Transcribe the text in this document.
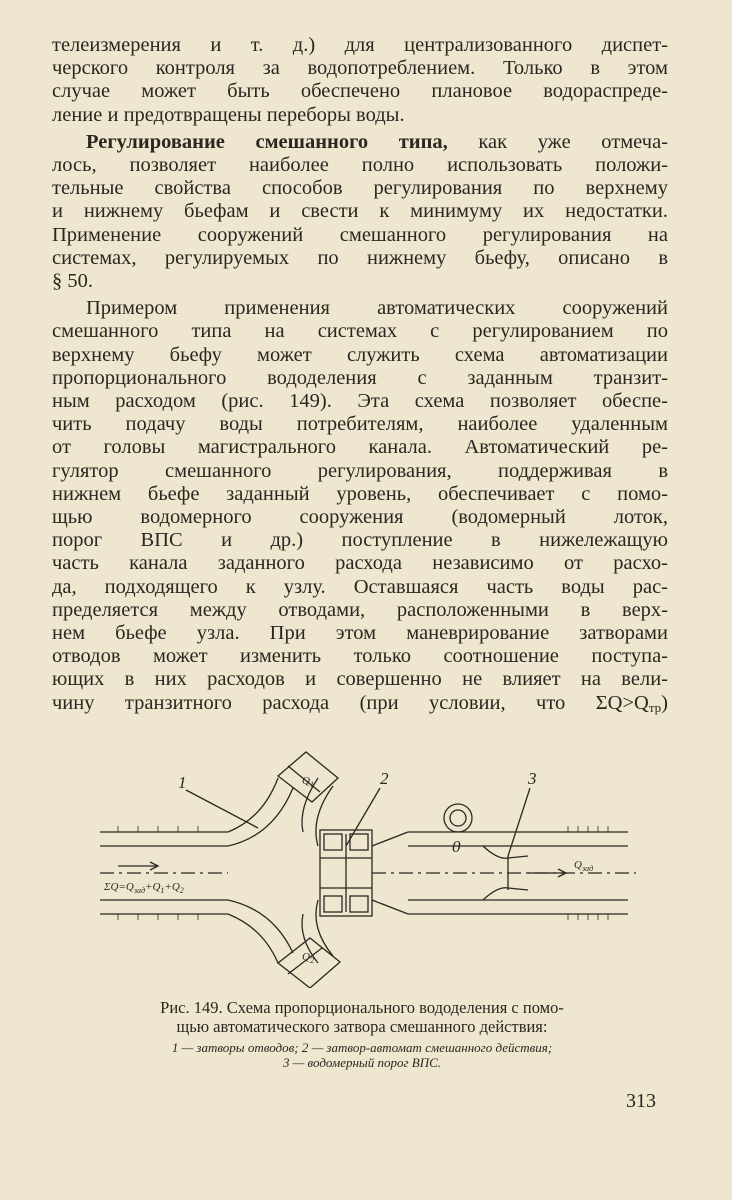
телеизмерения и т. д.) для централизованного диспет-
черского контроля за водопотреблением. Только в этом
случае может быть обеспечено плановое водораспреде-
ление и предотвращены переборы воды.
Регулирование смешанного типа, как уже отмеча-
лось, позволяет наиболее полно использовать положи-
тельные свойства способов регулирования по верхнему
и нижнему бьефам и свести к минимуму их недостатки.
Применение сооружений смешанного регулирования на
системах, регулируемых по нижнему бьефу, описано в
§ 50.
Примером применения автоматических сооружений
смешанного типа на системах с регулированием по
верхнему бьефу может служить схема автоматизации
пропорционального вододеления с заданным транзит-
ным расходом (рис. 149). Эта схема позволяет обеспе-
чить подачу воды потребителям, наиболее удаленным
от головы магистрального канала. Автоматический ре-
гулятор смешанного регулирования, поддерживая в
нижнем бьефе заданный уровень, обеспечивает с помо-
щью водомерного сооружения (водомерный лоток,
порог ВПС и др.) поступление в нижележащую
часть канала заданного расхода независимо от расхо-
да, подходящего к узлу. Оставшаяся часть воды рас-
пределяется между отводами, расположенными в верх-
нем бьефе узла. При этом маневрирование затворами
отводов может изменить только соотношение поступа-
ющих в них расходов и совершенно не влияет на вели-
чину транзитного расхода (при условии, что $\Sigma Q>Q_{тр}$)
1	2	3
0
$\Sigma Q=Q_{зад}+Q_1+Q_2$
$Q_{зад}$
$Q_1$
$Q_2$
Рис. 149. Схема пропорционального вододеления с помо-
щью автоматического затвора смешанного действия:
1 — затворы отводов; 2 — затвор-автомат смешанного действия;
3 — водомерный порог ВПС.
313
